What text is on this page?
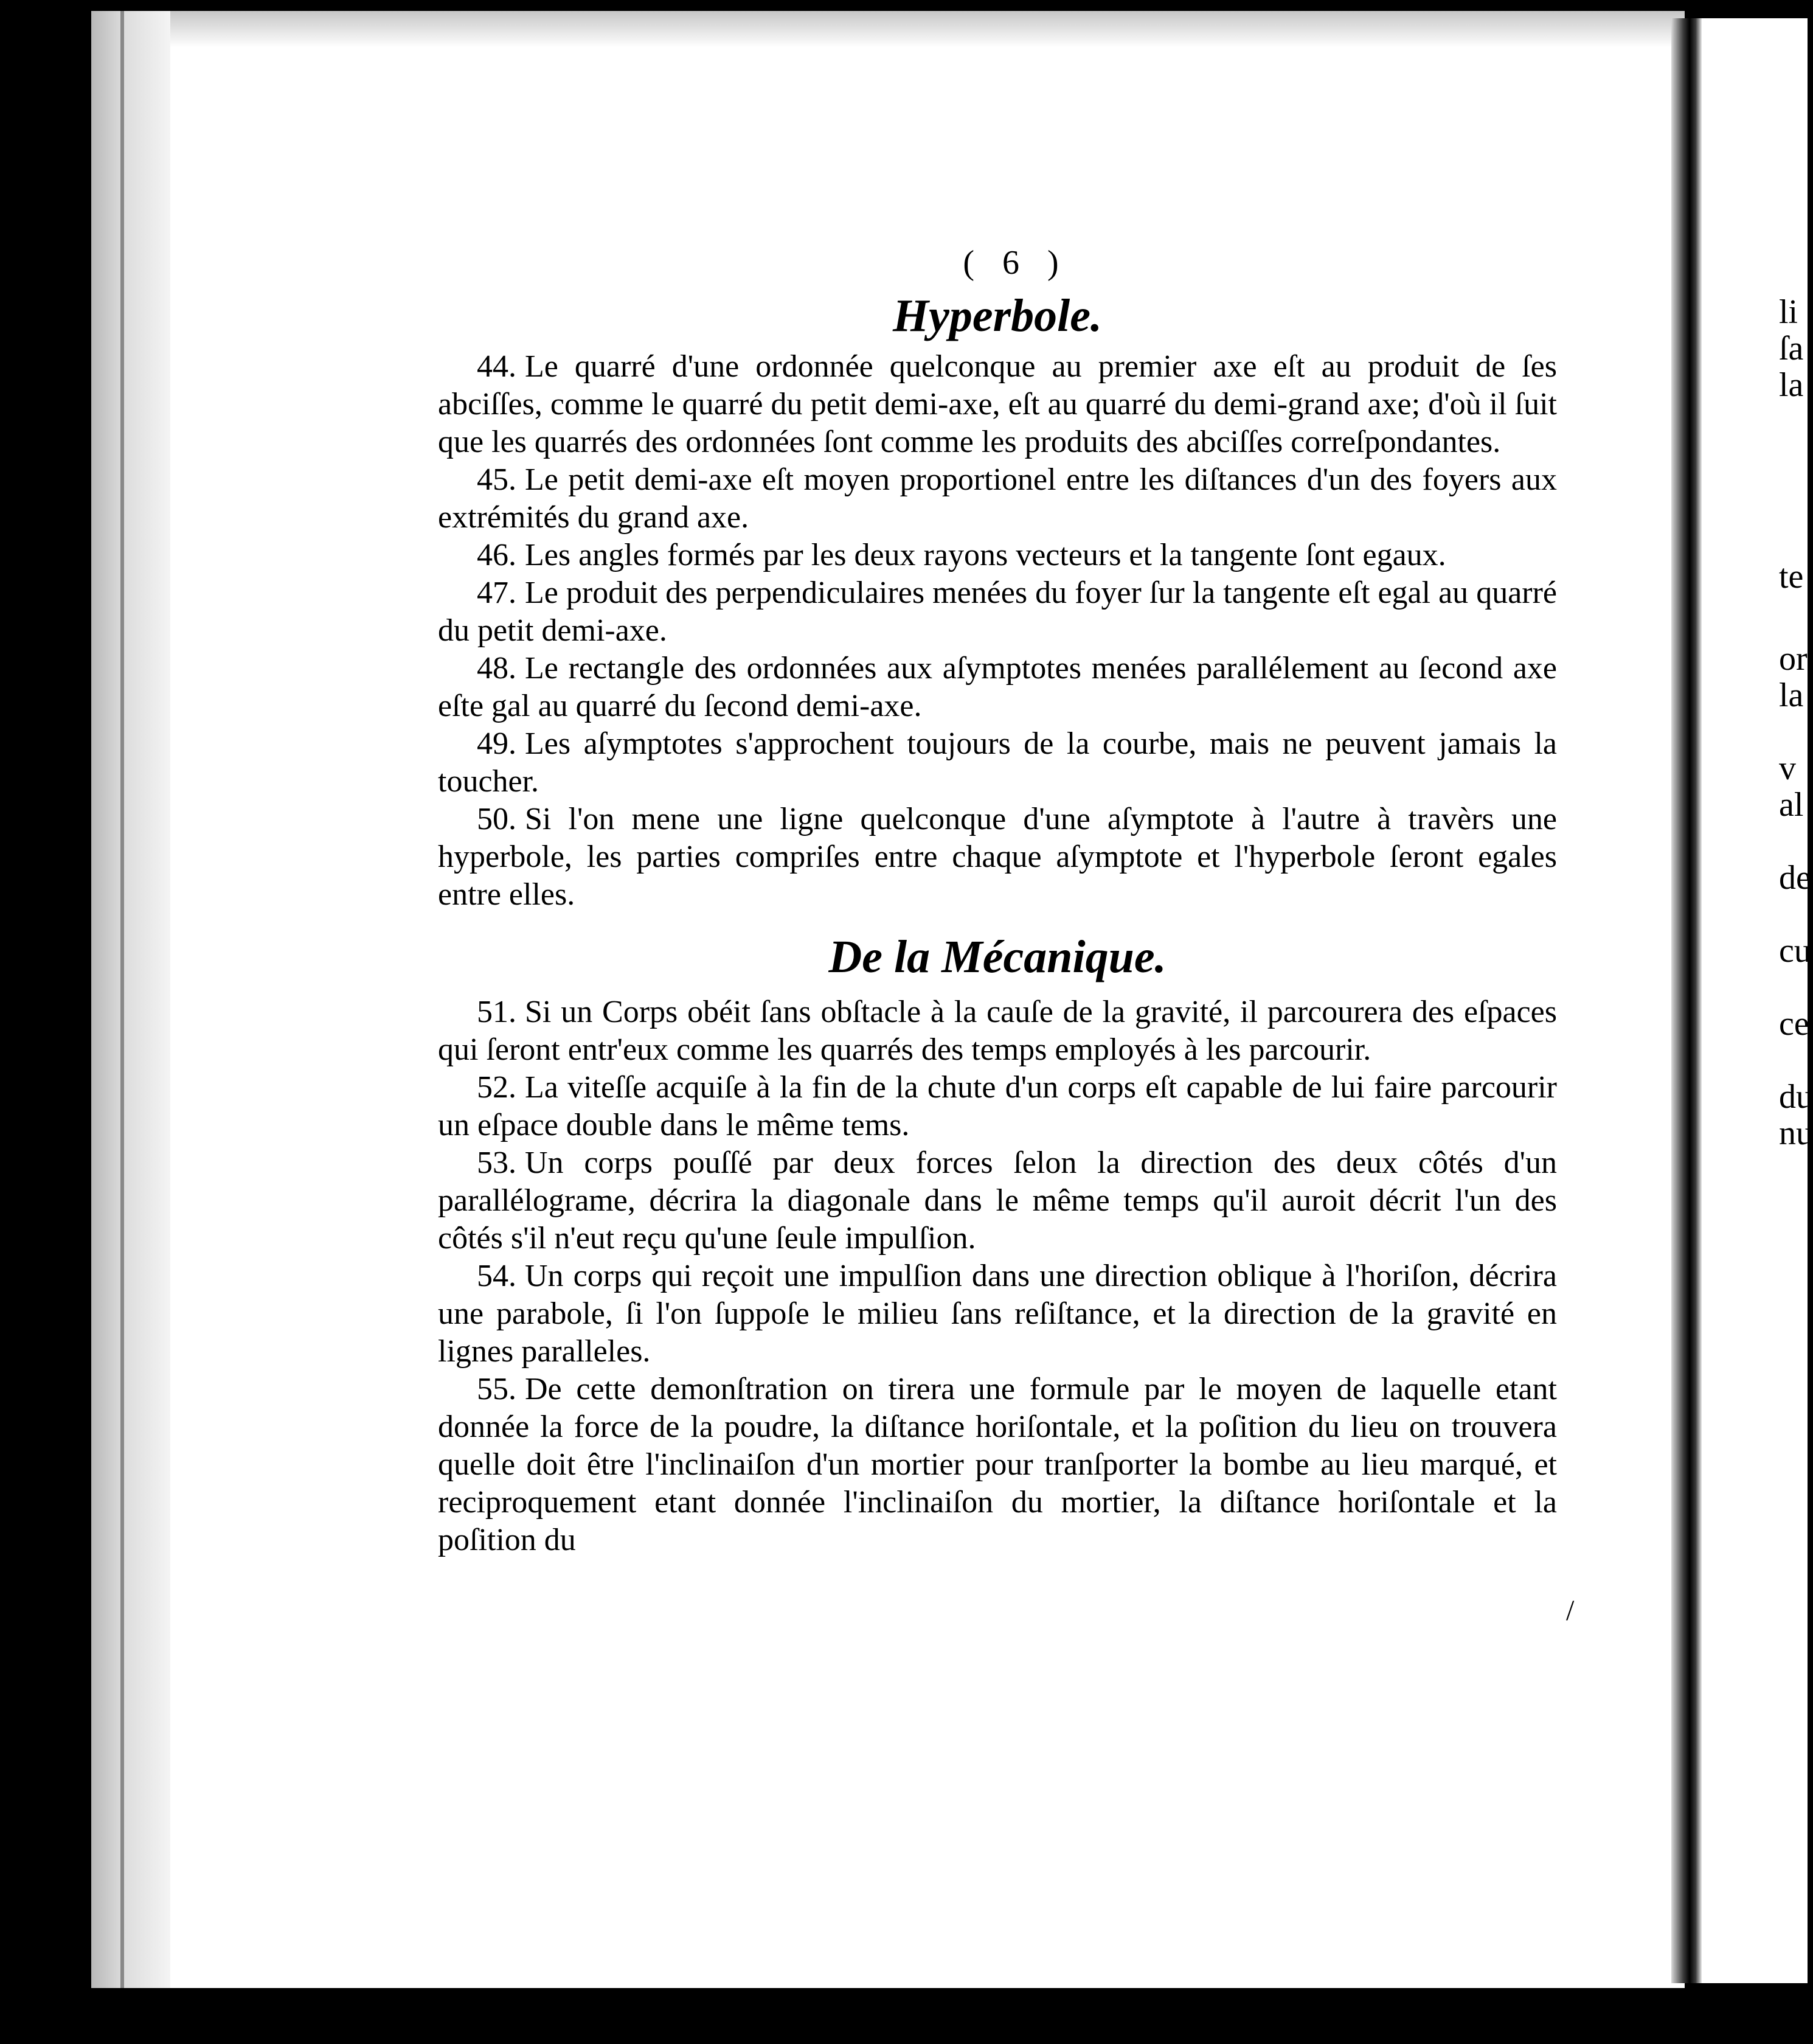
li
ſa
la
te
or
la
v
al
de
cu
ce
du
nu
( 6 )
Hyperbole.

44. Le quarré d'une ordonnée quelconque au premier axe eſt au produit de ſes abciſſes, comme le quarré du petit demi-axe, eſt au quarré du demi-grand axe; d'où il ſuit que les quarrés des ordonnées ſont comme les produits des abciſſes correſpondantes.

45. Le petit demi-axe eſt moyen proportionel entre les diſtances d'un des foyers aux extrémités du grand axe.

46. Les angles formés par les deux rayons vecteurs et la tangente ſont egaux.

47. Le produit des perpendiculaires menées du foyer ſur la tangente eſt egal au quarré du petit demi-axe.

48. Le rectangle des ordonnées aux aſymptotes menées parallélement au ſecond axe eſte gal au quarré du ſecond demi-axe.

49. Les aſymptotes s'approchent toujours de la courbe, mais ne peuvent jamais la toucher.

50. Si l'on mene une ligne quelconque d'une aſymptote à l'autre à travèrs une hyperbole, les parties compriſes entre chaque aſymptote et l'hyperbole ſeront egales entre elles.

De la Mécanique.

51. Si un Corps obéit ſans obſtacle à la cauſe de la gravité, il parcourera des eſpaces qui ſeront entr'eux comme les quarrés des temps employés à les parcourir.

52. La viteſſe acquiſe à la fin de la chute d'un corps eſt capable de lui faire parcourir un eſpace double dans le même tems.

53. Un corps pouſſé par deux forces ſelon la direction des deux côtés d'un parallélograme, décrira la diagonale dans le même temps qu'il auroit décrit l'un des côtés s'il n'eut reçu qu'une ſeule impulſion.

54. Un corps qui reçoit une impulſion dans une direction oblique à l'horiſon, décrira une parabole, ſi l'on ſuppoſe le milieu ſans reſiſtance, et la direction de la gravité en lignes paralleles.

55. De cette demonſtration on tirera une formule par le moyen de laquelle etant donnée la force de la poudre, la diſtance horiſontale, et la poſition du lieu on trouvera quelle doit être l'inclinaiſon d'un mortier pour tranſporter la bombe au lieu marqué, et reciproquement etant donnée l'inclinaiſon du mortier, la diſtance horiſontale et la poſition du

/
